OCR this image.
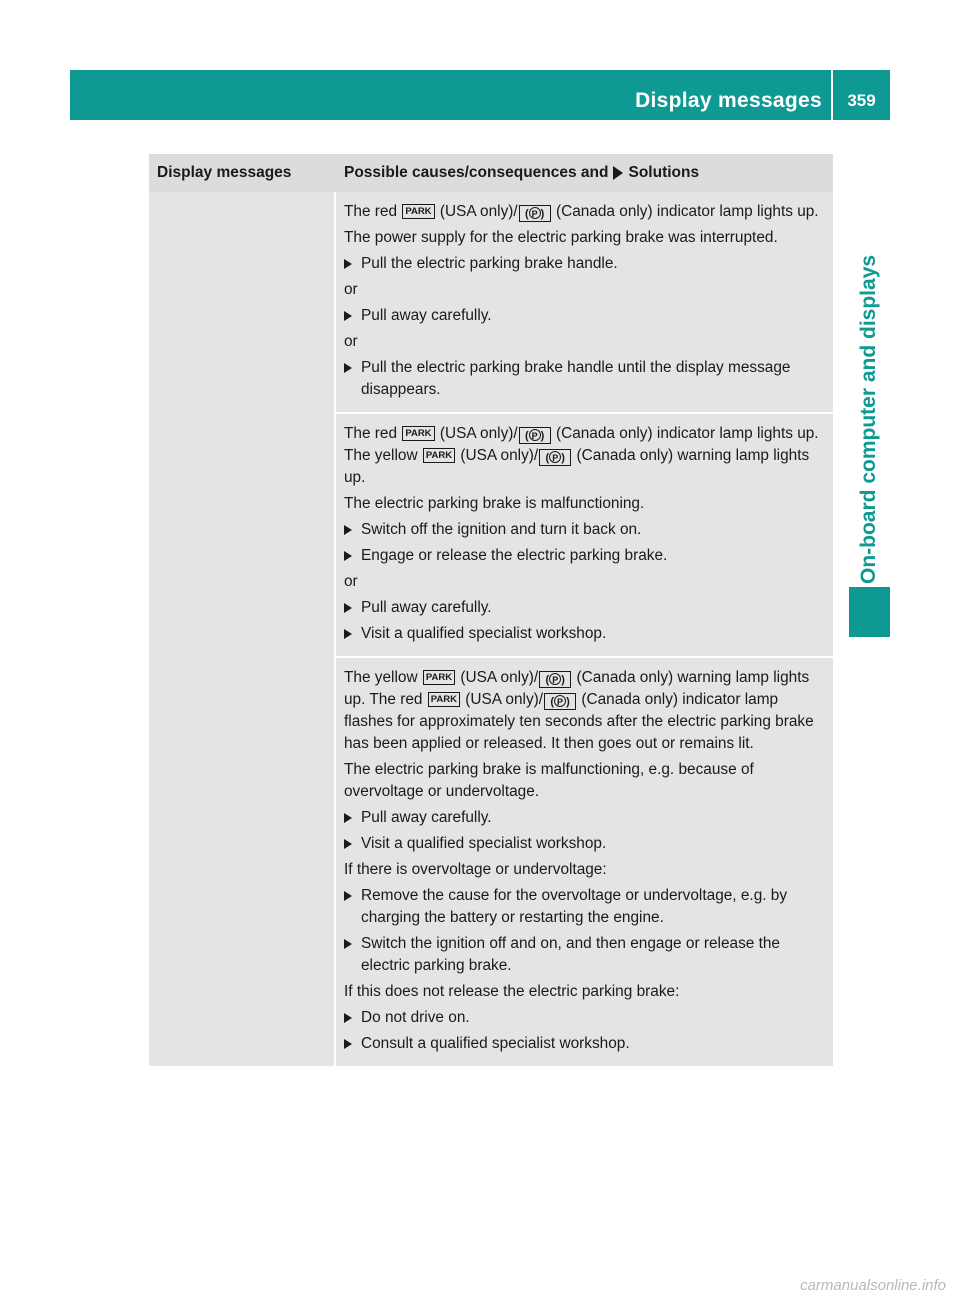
Display messages	359
On-board computer and displays
Display messages	Possible causes/consequences and Solutions

The red PARK (USA only)/ ( P ) (Canada only) indicator lamp lights up.

The power supply for the electric parking brake was interrupted.

Pull the electric parking brake handle.

or

Pull away carefully.

or

Pull the electric parking brake handle until the display message disappears.

The red PARK (USA only)/ ( P ) (Canada only) indicator lamp lights up. The yellow PARK (USA only)/ ( P ) (Canada only) warning lamp lights up.

The electric parking brake is malfunctioning.

Switch off the ignition and turn it back on.
Engage or release the electric parking brake.

or

Pull away carefully.
Visit a qualified specialist workshop.

The yellow PARK (USA only)/ ( P ) (Canada only) warning lamp lights up. The red PARK (USA only)/ ( P ) (Canada only) indicator lamp flashes for approximately ten seconds after the electric parking brake has been applied or released. It then goes out or remains lit.

The electric parking brake is malfunctioning, e.g. because of overvoltage or undervoltage.

Pull away carefully.
Visit a qualified specialist workshop.

If there is overvoltage or undervoltage:

Remove the cause for the overvoltage or undervoltage, e.g. by charging the battery or restarting the engine.
Switch the ignition off and on, and then engage or release the electric parking brake.

If this does not release the electric parking brake:

Do not drive on.
Consult a qualified specialist workshop.
carmanualsonline.info
